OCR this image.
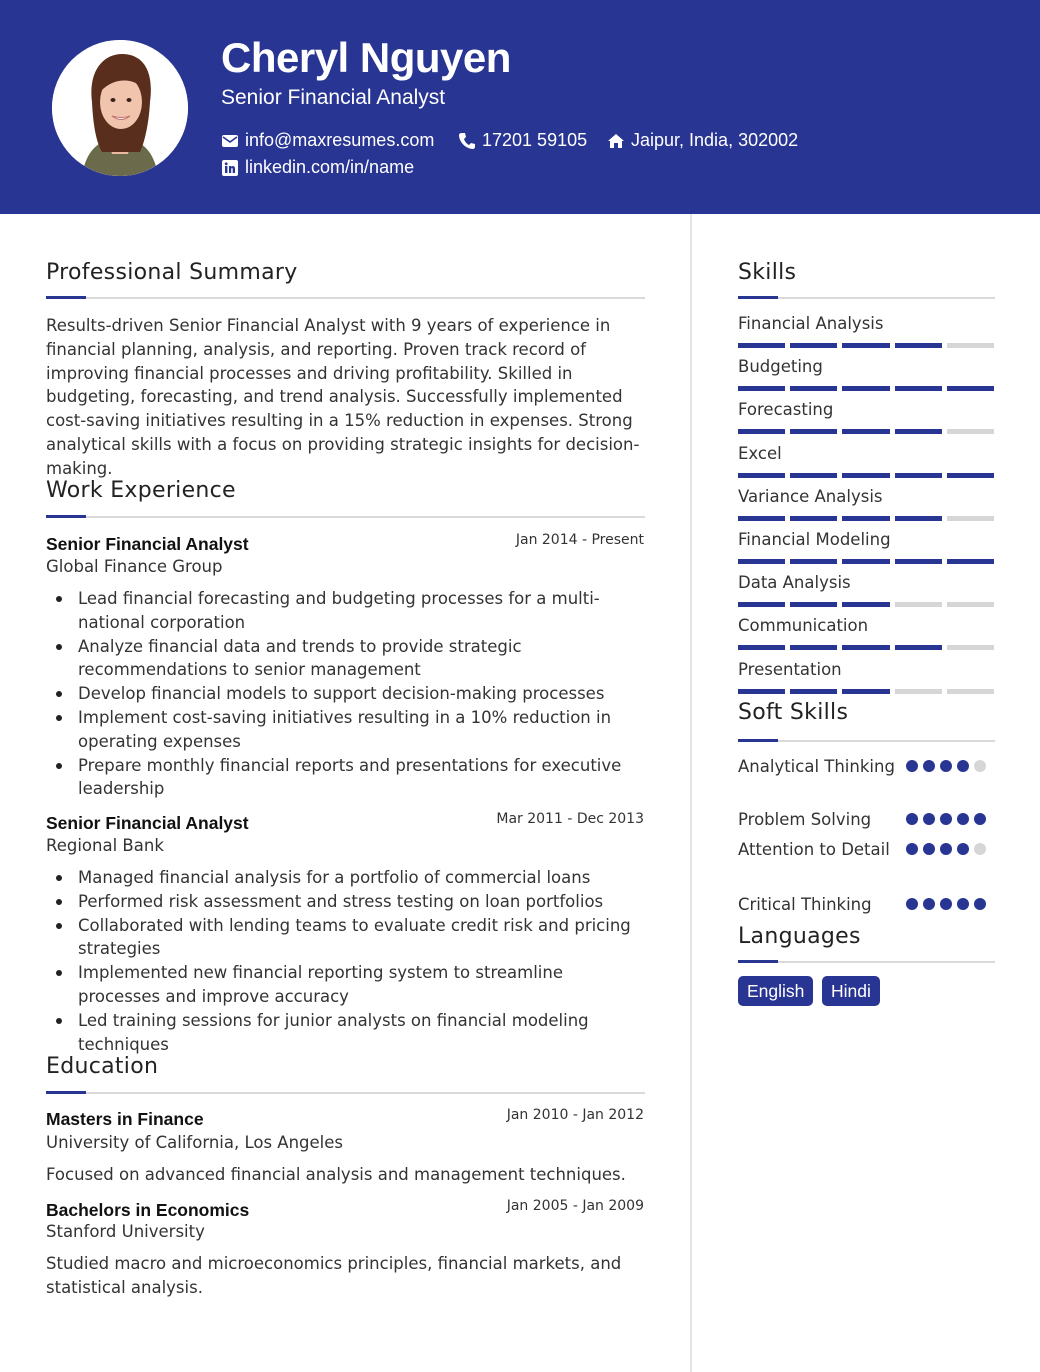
Cheryl Nguyen
Senior Financial Analyst
info@maxresumes.com	17201 59105 Jaipur, India, 302002
linkedin.com/in/name
Professional Summary
Results-driven Senior Financial Analyst with 9 years of experience in financial planning, analysis, and reporting. Proven track record of improving financial processes and driving profitability. Skilled in budgeting, forecasting, and trend analysis. Successfully implemented cost-saving initiatives resulting in a 15% reduction in expenses. Strong analytical skills with a focus on providing strategic insights for decision-making.
Work Experience
Senior Financial Analyst	Jan 2014 - Present
Global Finance Group
Lead financial forecasting and budgeting processes for a multi-national corporation
Analyze financial data and trends to provide strategic recommendations to senior management
Develop financial models to support decision-making processes
Implement cost-saving initiatives resulting in a 10% reduction in operating expenses
Prepare monthly financial reports and presentations for executive leadership
Senior Financial Analyst	Mar 2011 - Dec 2013
Regional Bank
Managed financial analysis for a portfolio of commercial loans
Performed risk assessment and stress testing on loan portfolios
Collaborated with lending teams to evaluate credit risk and pricing strategies
Implemented new financial reporting system to streamline processes and improve accuracy
Led training sessions for junior analysts on financial modeling techniques
Education
Masters in Finance	Jan 2010 - Jan 2012
University of California, Los Angeles
Focused on advanced financial analysis and management techniques.
Bachelors in Economics	Jan 2005 - Jan 2009
Stanford University
Studied macro and microeconomics principles, financial markets, and statistical analysis.
Skills
Financial Analysis
Budgeting
Forecasting
Excel
Variance Analysis
Financial Modeling
Data Analysis
Communication
Presentation
Soft Skills
Analytical Thinking
Problem Solving
Attention to Detail
Critical Thinking
Languages
English	Hindi
